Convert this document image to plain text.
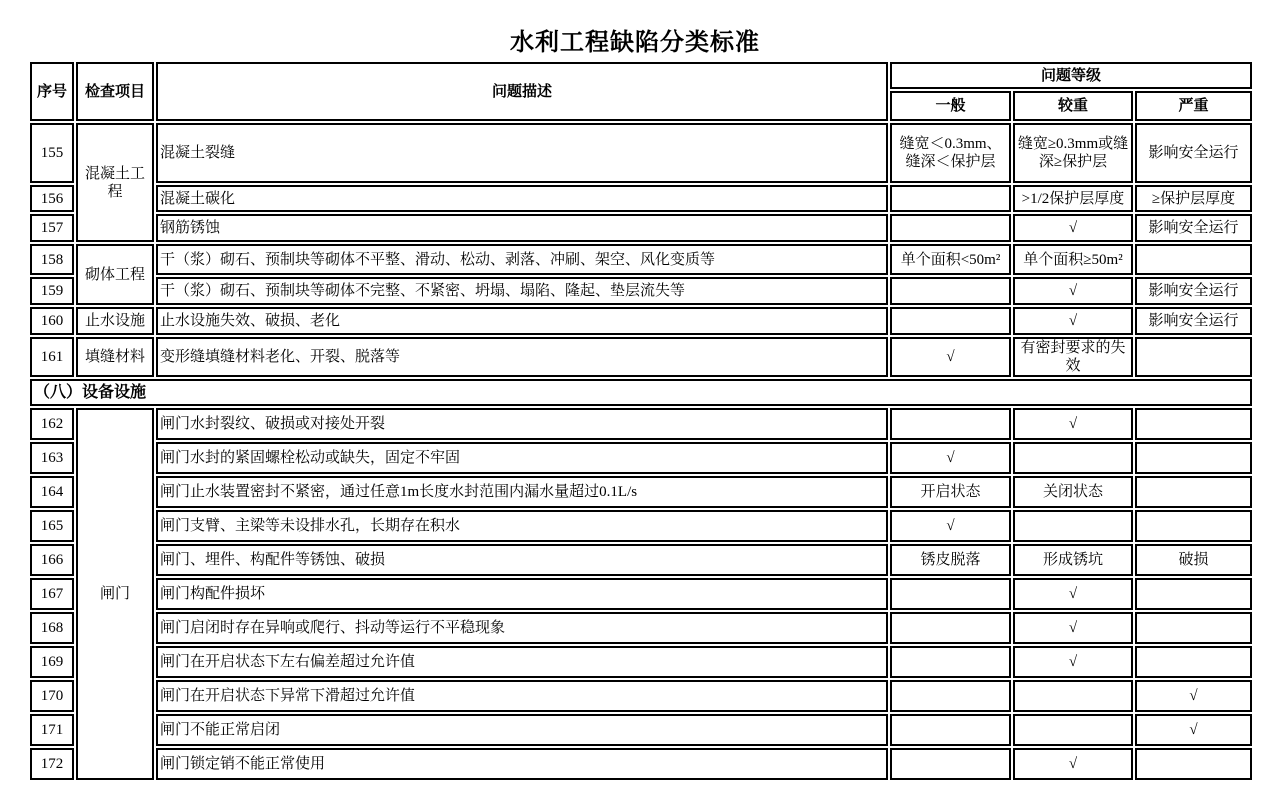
水利工程缺陷分类标准
序号	检查项目	问题描述	问题等级		
			一般	较重	严重
155	混凝土工程	混凝土裂缝	缝宽＜0.3mm、缝深＜保护层	缝宽≥0.3mm或缝深≥保护层	影响安全运行
156		混凝土碳化		>1/2保护层厚度	≥保护层厚度
157		钢筋锈蚀		√	影响安全运行
158	砌体工程	干（浆）砌石、预制块等砌体不平整、滑动、松动、剥落、冲刷、架空、风化变质等	单个面积<50m²	单个面积≥50m²	
159		干（浆）砌石、预制块等砌体不完整、不紧密、坍塌、塌陷、隆起、垫层流失等		√	影响安全运行
160	止水设施	止水设施失效、破损、老化		√	影响安全运行
161	填缝材料	变形缝填缝材料老化、开裂、脱落等	√	有密封要求的失效	
（八）设备设施					
162	闸门	闸门水封裂纹、破损或对接处开裂		√	
163		闸门水封的紧固螺栓松动或缺失，固定不牢固	√		
164		闸门止水装置密封不紧密，通过任意1m长度水封范围内漏水量超过0.1L/s	开启状态	关闭状态	
165		闸门支臂、主梁等未设排水孔，长期存在积水	√		
166		闸门、埋件、构配件等锈蚀、破损	锈皮脱落	形成锈坑	破损
167		闸门构配件损坏		√	
168		闸门启闭时存在异响或爬行、抖动等运行不平稳现象		√	
169		闸门在开启状态下左右偏差超过允许值		√	
170		闸门在开启状态下异常下滑超过允许值			√
171		闸门不能正常启闭			√
172		闸门锁定销不能正常使用		√	
